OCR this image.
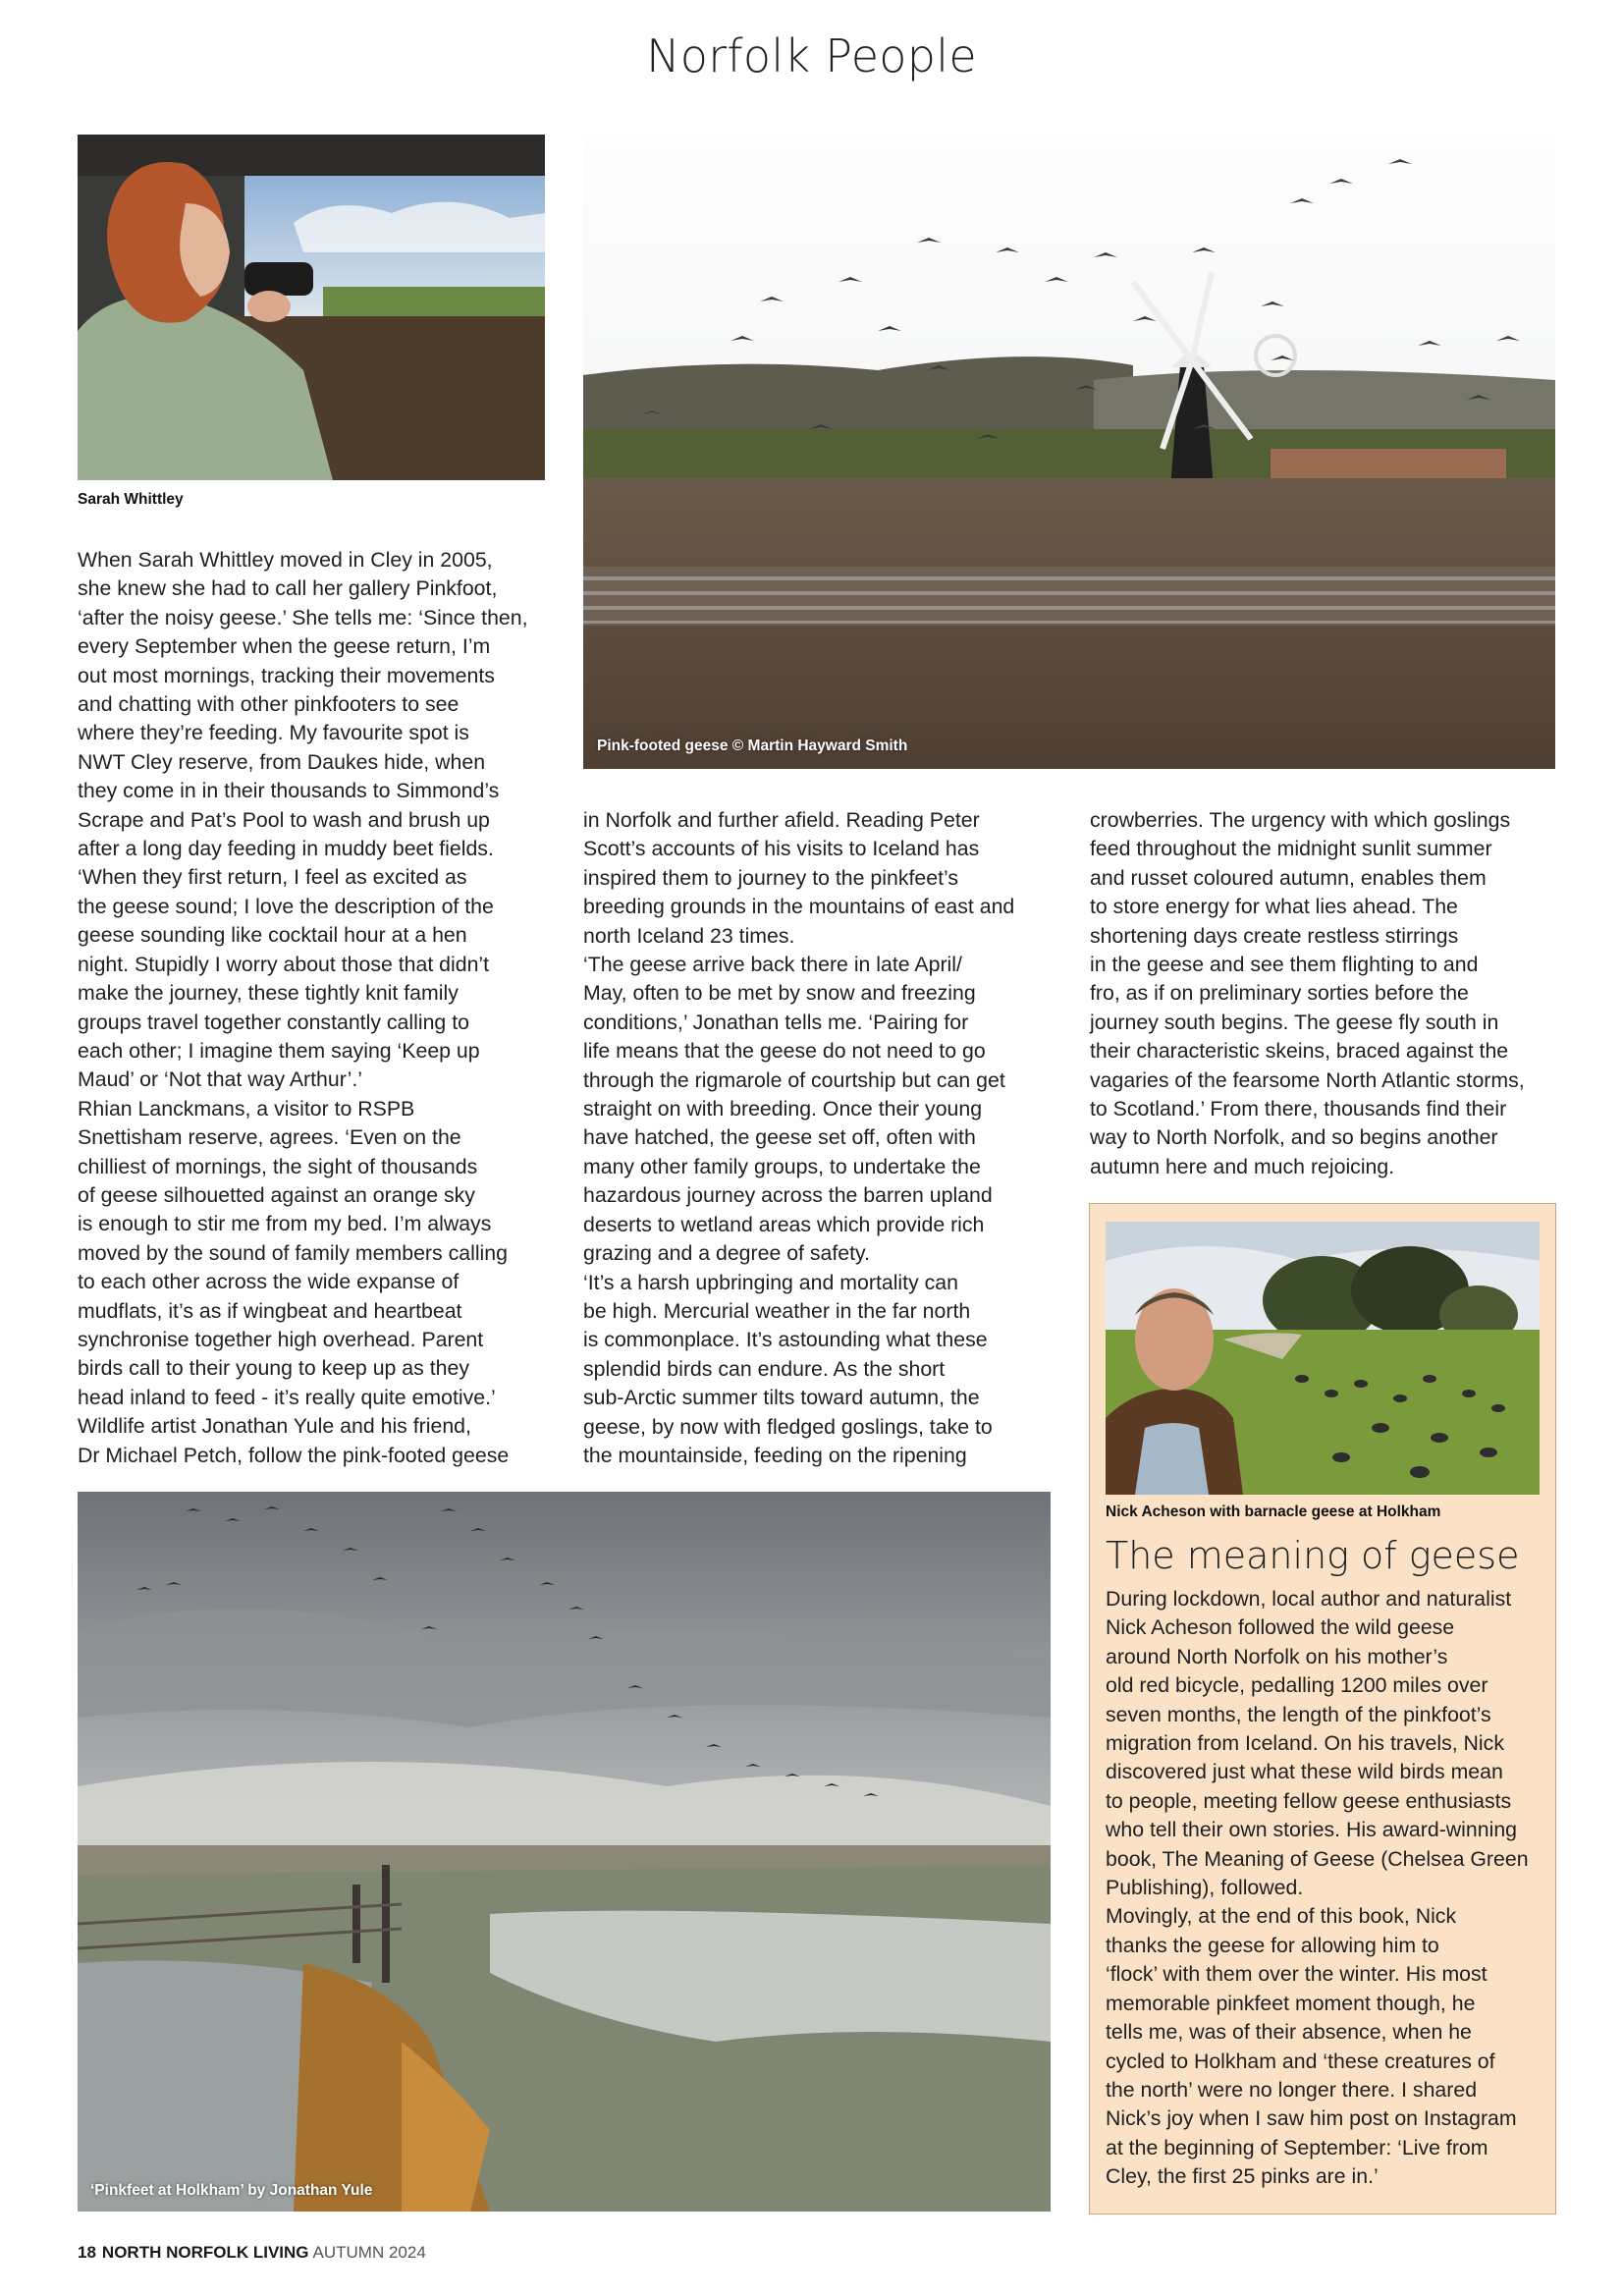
Norfolk People
Sarah Whittley
Pink-footed geese © Martin Hayward Smith

When Sarah Whittley moved in Cley in 2005,
she knew she had to call her gallery Pinkfoot,
‘after the noisy geese.’ She tells me: ‘Since then,
every September when the geese return, I’m
out most mornings, tracking their movements
and chatting with other pinkfooters to see
where they’re feeding. My favourite spot is
NWT Cley reserve, from Daukes hide, when
they come in in their thousands to Simmond’s
Scrape and Pat’s Pool to wash and brush up
after a long day feeding in muddy beet fields.
‘When they first return, I feel as excited as
the geese sound; I love the description of the
geese sounding like cocktail hour at a hen
night. Stupidly I worry about those that didn’t
make the journey, these tightly knit family
groups travel together constantly calling to
each other; I imagine them saying ‘Keep up
Maud’ or ‘Not that way Arthur’.’
Rhian Lanckmans, a visitor to RSPB
Snettisham reserve, agrees. ‘Even on the
chilliest of mornings, the sight of thousands
of geese silhouetted against an orange sky
is enough to stir me from my bed. I’m always
moved by the sound of family members calling
to each other across the wide expanse of
mudflats, it’s as if wingbeat and heartbeat
synchronise together high overhead. Parent
birds call to their young to keep up as they
head inland to feed - it’s really quite emotive.’
Wildlife artist Jonathan Yule and his friend,
Dr Michael Petch, follow the pink-footed geese

in Norfolk and further afield. Reading Peter
Scott’s accounts of his visits to Iceland has
inspired them to journey to the pinkfeet’s
breeding grounds in the mountains of east and
north Iceland 23 times.
‘The geese arrive back there in late April/
May, often to be met by snow and freezing
conditions,’ Jonathan tells me. ‘Pairing for
life means that the geese do not need to go
through the rigmarole of courtship but can get
straight on with breeding. Once their young
have hatched, the geese set off, often with
many other family groups, to undertake the
hazardous journey across the barren upland
deserts to wetland areas which provide rich
grazing and a degree of safety.
‘It’s a harsh upbringing and mortality can
be high. Mercurial weather in the far north
is commonplace. It’s astounding what these
splendid birds can endure. As the short
sub-Arctic summer tilts toward autumn, the
geese, by now with fledged goslings, take to
the mountainside, feeding on the ripening

crowberries. The urgency with which goslings
feed throughout the midnight sunlit summer
and russet coloured autumn, enables them
to store energy for what lies ahead. The
shortening days create restless stirrings
in the geese and see them flighting to and
fro, as if on preliminary sorties before the
journey south begins. The geese fly south in
their characteristic skeins, braced against the
vagaries of the fearsome North Atlantic storms,
to Scotland.’ From there, thousands find their
way to North Norfolk, and so begins another
autumn here and much rejoicing.

‘Pinkfeet at Holkham’ by Jonathan Yule
Nick Acheson with barnacle geese at Holkham
The meaning of geese

During lockdown, local author and naturalist
Nick Acheson followed the wild geese
around North Norfolk on his mother’s
old red bicycle, pedalling 1200 miles over
seven months, the length of the pinkfoot’s
migration from Iceland. On his travels, Nick
discovered just what these wild birds mean
to people, meeting fellow geese enthusiasts
who tell their own stories. His award-winning
book, The Meaning of Geese (Chelsea Green
Publishing), followed.
Movingly, at the end of this book, Nick
thanks the geese for allowing him to
‘flock’ with them over the winter. His most
memorable pinkfeet moment though, he
tells me, was of their absence, when he
cycled to Holkham and ‘these creatures of
the north’ were no longer there. I shared
Nick’s joy when I saw him post on Instagram
at the beginning of September: ‘Live from
Cley, the first 25 pinks are in.’

18 NORTH NORFOLK LIVING AUTUMN 2024
